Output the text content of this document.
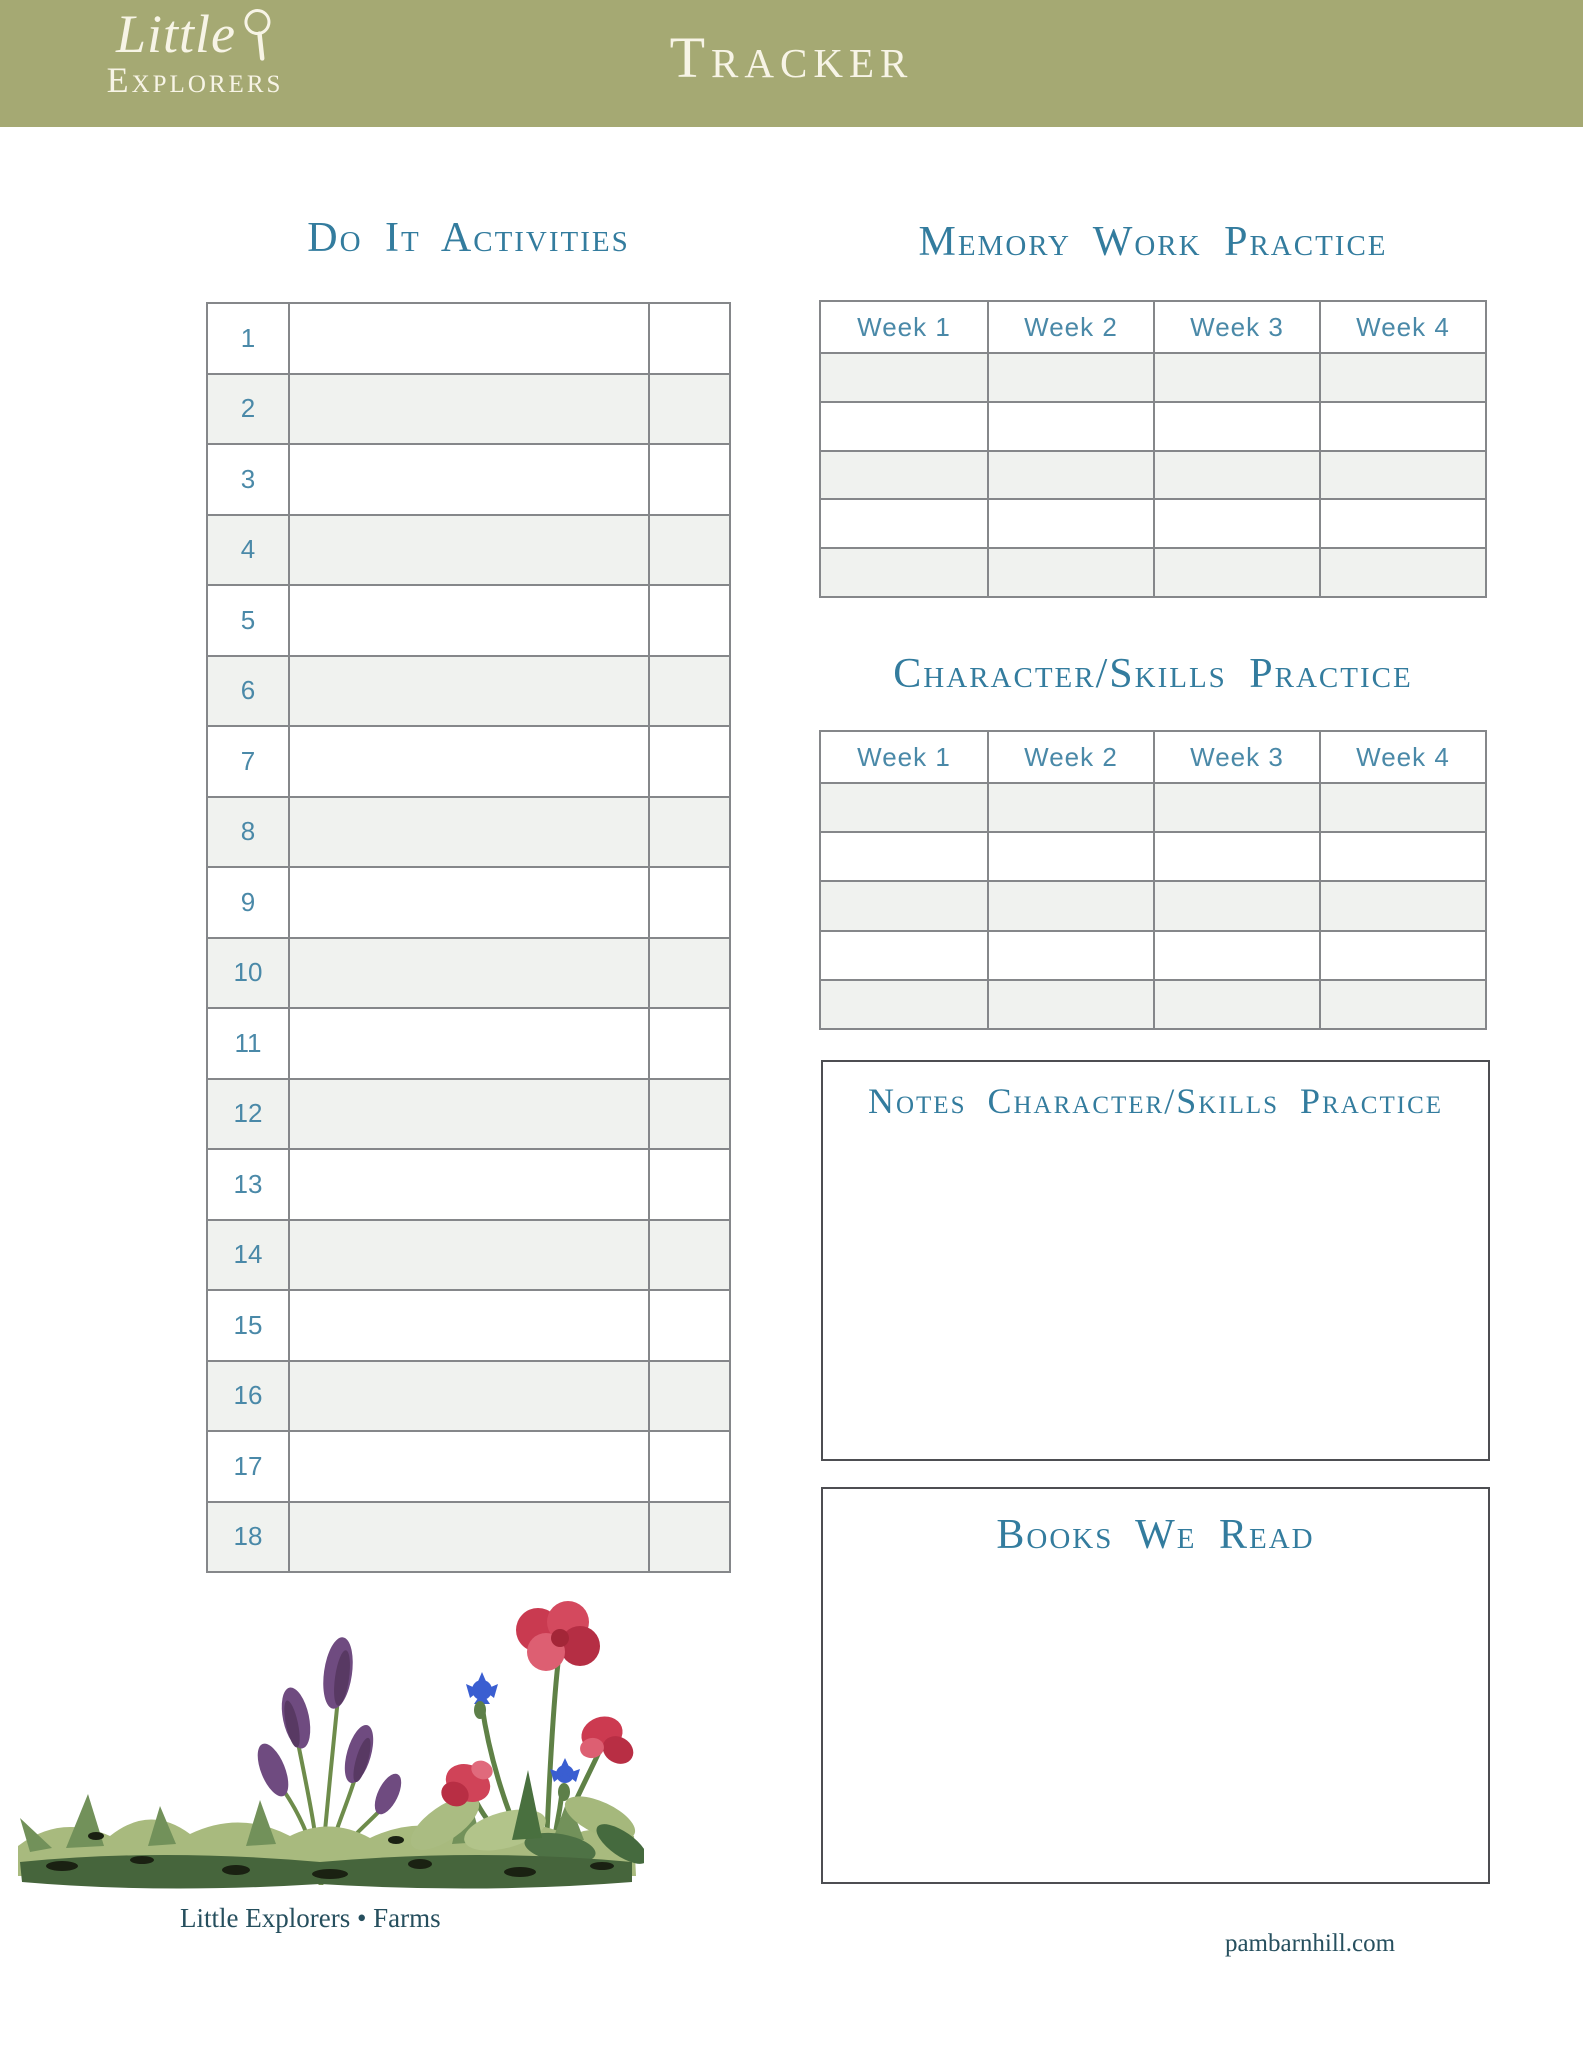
Little
Explorers	Tracker
Do It Activities
1
2
3
4
5
6
7
8
9
10
11
12
13
14
15
16
17
18
Memory Work Practice
Week 1	Week 2	Week 3	Week 4
Character/Skills Practice
Week 1	Week 2	Week 3	Week 4
Notes Character/Skills Practice
Books We Read
Little Explorers • Farms
pambarnhill.com
